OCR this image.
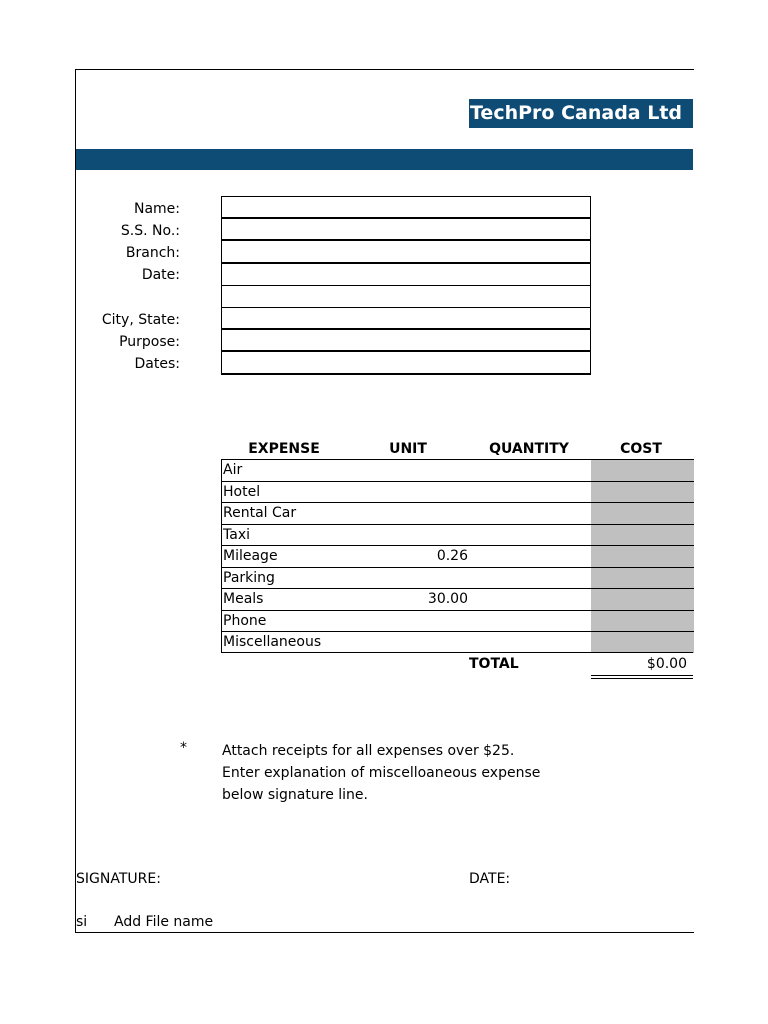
TechPro Canada Ltd
Name:
S.S. No.:
Branch:
Date:
City, State:
Purpose:
Dates:
EXPENSE	UNIT	QUANTITY	COST
Air
Hotel
Rental Car
Taxi
Mileage	0.26
Parking
Meals	30.00
Phone
Miscellaneous
TOTAL	$0.00
*	Attach receipts for all expenses over $25.
Enter explanation of miscelloaneous expense
below signature line.
SIGNATURE:	DATE:
si Add File name
